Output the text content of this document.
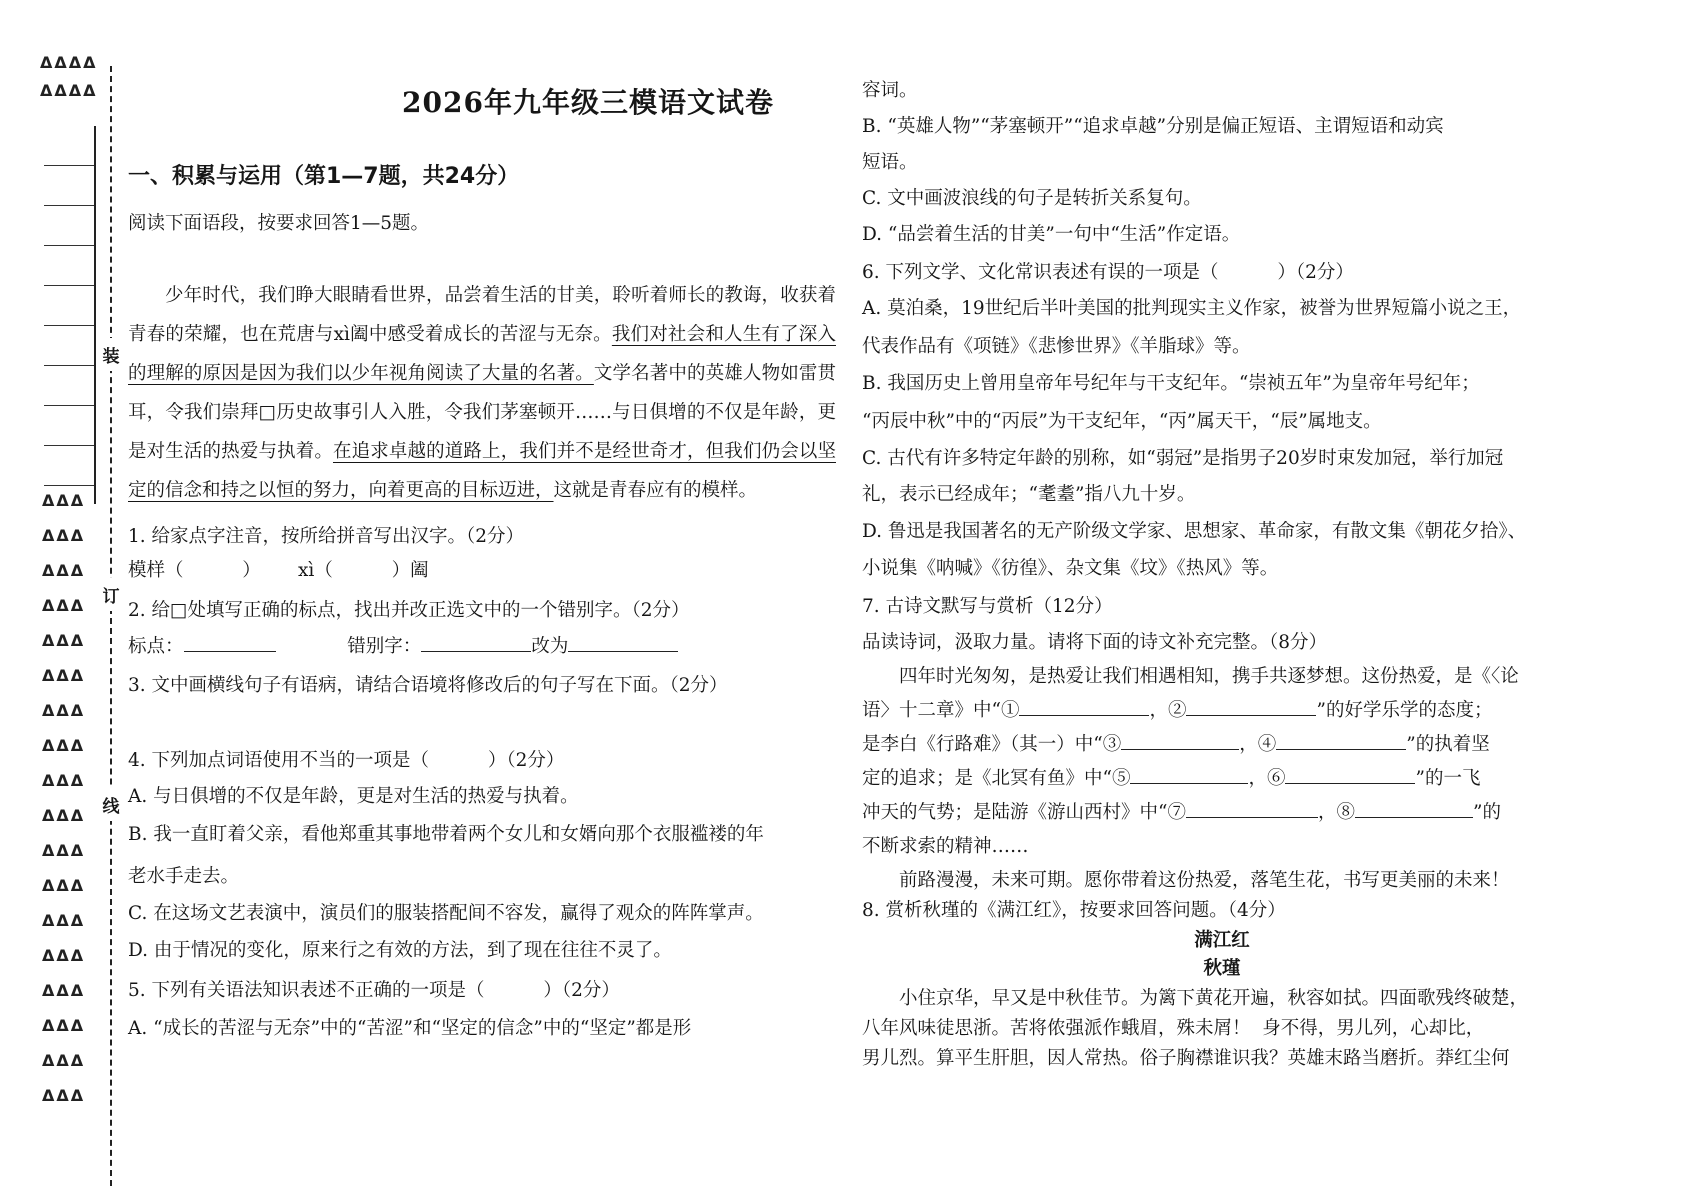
ΔΔΔΔ
ΔΔΔΔ
ΔΔΔ
ΔΔΔ
ΔΔΔ
ΔΔΔ
ΔΔΔ
ΔΔΔ
ΔΔΔ
ΔΔΔ
ΔΔΔ
ΔΔΔ
ΔΔΔ
ΔΔΔ
ΔΔΔ
ΔΔΔ
ΔΔΔ
ΔΔΔ
ΔΔΔ
ΔΔΔ
装
订
线
2026年九年级三模语文试卷
一、积累与运用（第1—7题，共24分）
阅读下面语段，按要求回答1—5题。
少年时代，我们睁大眼睛看世界，品尝着生活的甘美，聆听着师长的教诲，收获着青春的荣耀，也在荒唐与xì阖中感受着成长的苦涩与无奈。我们对社会和人生有了深入的理解的原因是因为我们以少年视角阅读了大量的名著。文学名著中的英雄人物如雷贯耳，令我们崇拜□历史故事引人入胜，令我们茅塞顿开……与日俱增的不仅是年龄，更是对生活的热爱与执着。在追求卓越的道路上，我们并不是经世奇才，但我们仍会以坚定的信念和持之以恒的努力，向着更高的目标迈进，这就是青春应有的模样。
1. 给家点字注音，按所给拼音写出汉字。（2分）
模样（          ） xì（          ）阖
2. 给□处填写正确的标点，找出并改正选文中的一个错别字。（2分）
标点：	错别字：	改为
3. 文中画横线句子有语病，请结合语境将修改后的句子写在下面。（2分）
4. 下列加点词语使用不当的一项是（          ）（2分）
A. 与日俱增的不仅是年龄，更是对生活的热爱与执着。
B. 我一直盯着父亲，看他郑重其事地带着两个女儿和女婿向那个衣服褴褛的年
老水手走去。
C. 在这场文艺表演中，演员们的服装搭配间不容发，赢得了观众的阵阵掌声。
D. 由于情况的变化，原来行之有效的方法，到了现在往往不灵了。
5. 下列有关语法知识表述不正确的一项是（          ）（2分）
A. “成长的苦涩与无奈”中的“苦涩”和“坚定的信念”中的“坚定”都是形
容词。
B. “英雄人物”“茅塞顿开”“追求卓越”分别是偏正短语、主谓短语和动宾
短语。
C. 文中画波浪线的句子是转折关系复句。
D. “品尝着生活的甘美”一句中“生活”作定语。
6. 下列文学、文化常识表述有误的一项是（          ）（2分）
A. 莫泊桑，19世纪后半叶美国的批判现实主义作家，被誉为世界短篇小说之王，
代表作品有《项链》《悲惨世界》《羊脂球》等。
B. 我国历史上曾用皇帝年号纪年与干支纪年。“崇祯五年”为皇帝年号纪年；
“丙辰中秋”中的“丙辰”为干支纪年，“丙”属天干，“辰”属地支。
C. 古代有许多特定年龄的别称，如“弱冠”是指男子20岁时束发加冠，举行加冠
礼，表示已经成年；“耄耋”指八九十岁。
D. 鲁迅是我国著名的无产阶级文学家、思想家、革命家，有散文集《朝花夕拾》、
小说集《呐喊》《彷徨》、杂文集《坟》《热风》等。
7. 古诗文默写与赏析（12分）
品读诗词，汲取力量。请将下面的诗文补充完整。（8分）
四年时光匆匆，是热爱让我们相遇相知，携手共逐梦想。这份热爱，是《〈论
语〉十二章》中“①	，②	”的好学乐学的态度；
是李白《行路难》（其一）中“③	，④	”的执着坚
定的追求；是《北冥有鱼》中“⑤	，⑥	”的一飞
冲天的气势；是陆游《游山西村》中“⑦	，⑧	”的
不断求索的精神……
前路漫漫，未来可期。愿你带着这份热爱，落笔生花，书写更美丽的未来！
8. 赏析秋瑾的《满江红》，按要求回答问题。（4分）
满江红
秋瑾
小住京华，早又是中秋佳节。为篱下黄花开遍，秋容如拭。四面歌残终破楚，
八年风味徒思浙。苦将侬强派作蛾眉，殊未屑！  身不得，男儿列，心却比，
男儿烈。算平生肝胆，因人常热。俗子胸襟谁识我？英雄末路当磨折。莽红尘何
